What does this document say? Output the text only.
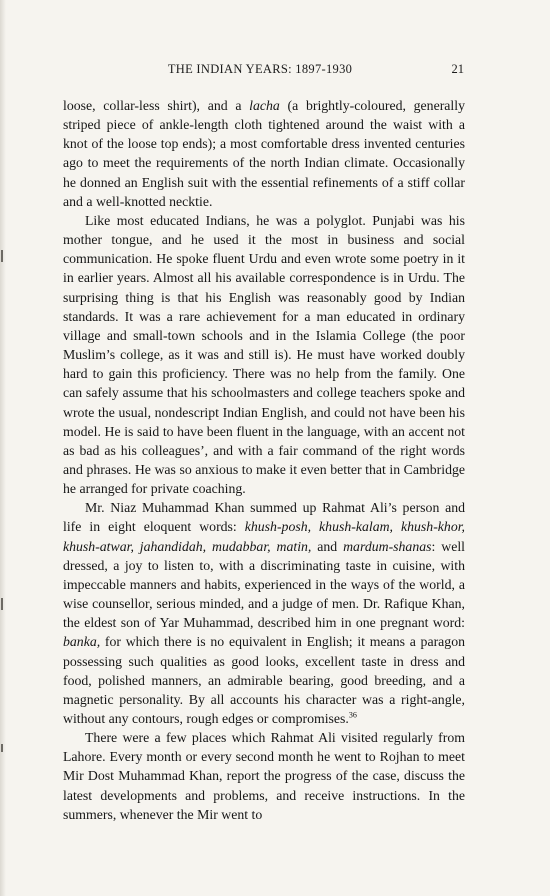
THE INDIAN YEARS: 1897-1930	21

loose, collar-less shirt), and a lacha (a brightly-coloured, generally striped piece of ankle-length cloth tightened around the waist with a knot of the loose top ends); a most comfortable dress invented centuries ago to meet the requirements of the north Indian climate. Occasionally he donned an English suit with the essential refinements of a stiff collar and a well-knotted necktie.

Like most educated Indians, he was a polyglot. Punjabi was his mother tongue, and he used it the most in business and social communication. He spoke fluent Urdu and even wrote some poetry in it in earlier years. Almost all his available correspondence is in Urdu. The surprising thing is that his English was reasonably good by Indian standards. It was a rare achievement for a man educated in ordinary village and small-town schools and in the Islamia College (the poor Muslim’s college, as it was and still is). He must have worked doubly hard to gain this proficiency. There was no help from the family. One can safely assume that his schoolmasters and college teachers spoke and wrote the usual, nondescript Indian English, and could not have been his model. He is said to have been fluent in the language, with an accent not as bad as his colleagues’, and with a fair command of the right words and phrases. He was so anxious to make it even better that in Cambridge he arranged for private coaching.

Mr. Niaz Muhammad Khan summed up Rahmat Ali’s person and life in eight eloquent words: khush-posh, khush-kalam, khush-khor, khush-atwar, jahandidah, mudabbar, matin, and mardum-shanas: well dressed, a joy to listen to, with a discriminating taste in cuisine, with impeccable manners and habits, experienced in the ways of the world, a wise counsellor, serious minded, and a judge of men. Dr. Rafique Khan, the eldest son of Yar Muhammad, described him in one pregnant word: banka, for which there is no equivalent in English; it means a paragon possessing such qualities as good looks, excellent taste in dress and food, polished manners, an admirable bearing, good breeding, and a magnetic personality. By all accounts his character was a right-angle, without any contours, rough edges or compromises.$^{36}$

There were a few places which Rahmat Ali visited regularly from Lahore. Every month or every second month he went to Rojhan to meet Mir Dost Muhammad Khan, report the progress of the case, discuss the latest developments and problems, and receive instructions. In the summers, whenever the Mir went to
